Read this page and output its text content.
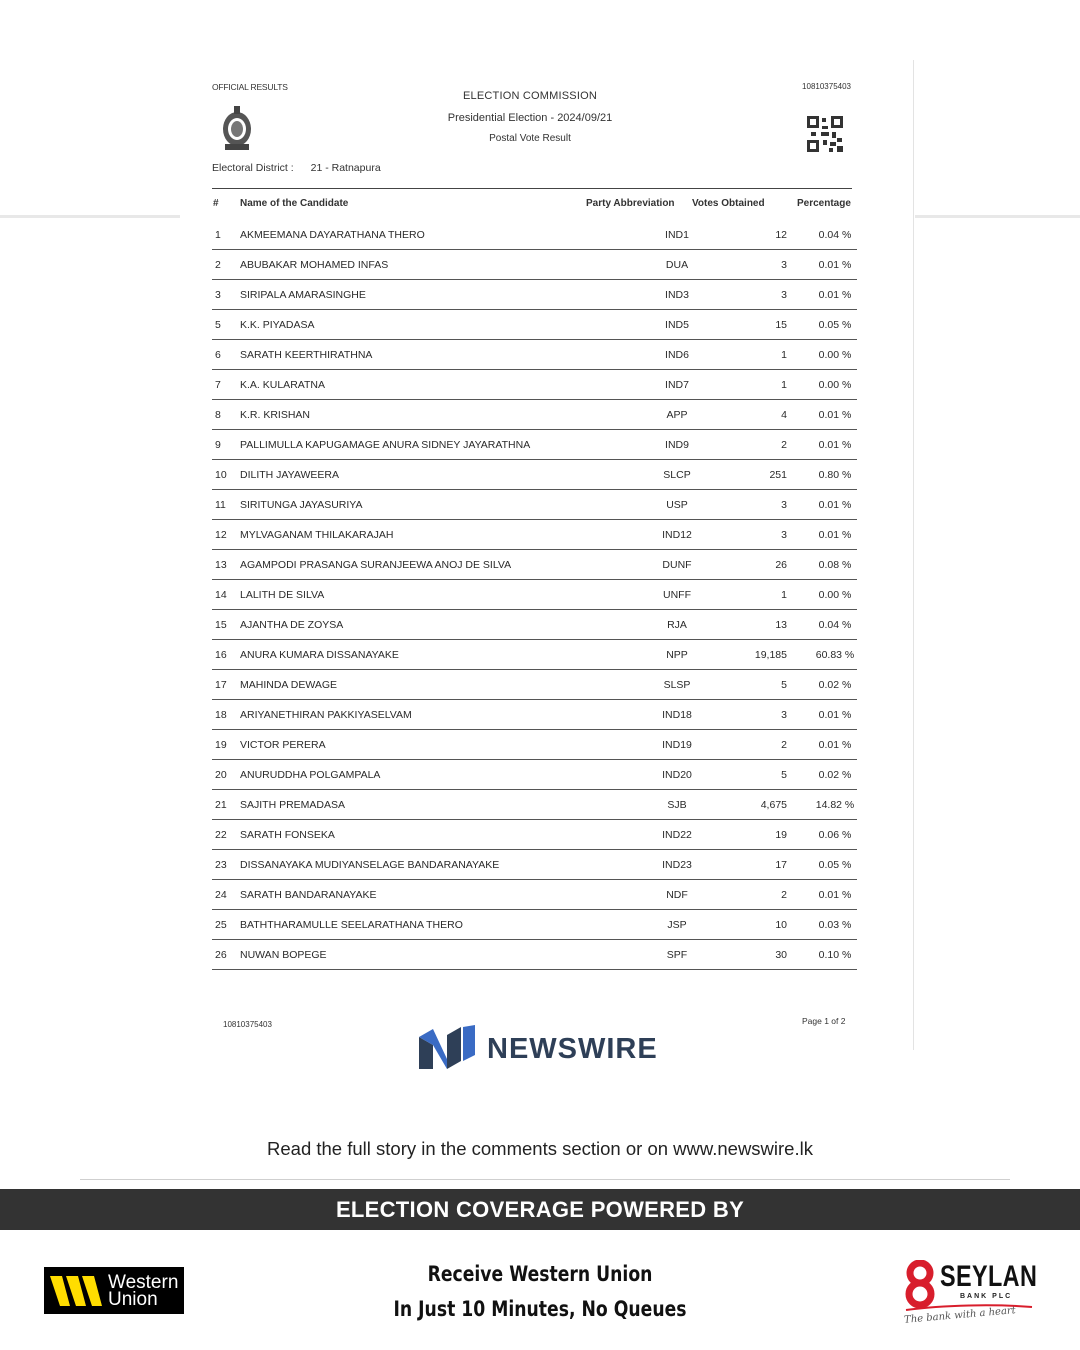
OFFICIAL RESULTS	10810375403
ELECTION COMMISSION
Presidential Election - 2024/09/21
Postal Vote Result
Electoral District : 21 - Ratnapura
# Name of the Candidate	Party Abbreviation Votes Obtained	Percentage
1 AKMEEMANA DAYARATHANA THERO	IND1	12	0.04 %
2 ABUBAKAR MOHAMED INFAS	DUA	3	0.01 %
3 SIRIPALA AMARASINGHE	IND3	3	0.01 %
5 K.K. PIYADASA	IND5	15	0.05 %
6 SARATH KEERTHIRATHNA	IND6	1	0.00 %
7 K.A. KULARATNA	IND7	1	0.00 %
8 K.R. KRISHAN	APP	4	0.01 %
9 PALLIMULLA KAPUGAMAGE ANURA SIDNEY JAYARATHNA	IND9	2	0.01 %
10 DILITH JAYAWEERA	SLCP	251	0.80 %
11 SIRITUNGA JAYASURIYA	USP	3	0.01 %
12 MYLVAGANAM THILAKARAJAH	IND12	3	0.01 %
13 AGAMPODI PRASANGA SURANJEEWA ANOJ DE SILVA	DUNF	26	0.08 %
14 LALITH DE SILVA	UNFF	1	0.00 %
15 AJANTHA DE ZOYSA	RJA	13	0.04 %
16 ANURA KUMARA DISSANAYAKE	NPP	19,185	60.83 %
17 MAHINDA DEWAGE	SLSP	5	0.02 %
18 ARIYANETHIRAN PAKKIYASELVAM	IND18	3	0.01 %
19 VICTOR PERERA	IND19	2	0.01 %
20 ANURUDDHA POLGAMPALA	IND20	5	0.02 %
21 SAJITH PREMADASA	SJB	4,675	14.82 %
22 SARATH FONSEKA	IND22	19	0.06 %
23 DISSANAYAKA MUDIYANSELAGE BANDARANAYAKE	IND23	17	0.05 %
24 SARATH BANDARANAYAKE	NDF	2	0.01 %
25 BATHTHARAMULLE SEELARATHANA THERO	JSP	10	0.03 %
26 NUWAN BOPEGE	SPF	30	0.10 %
10810375403	Page 1 of 2
NEWSWIRE
Read the full story in the comments section or on www.newswire.lk
ELECTION COVERAGE POWERED BY
Western
Union
Receive Western Union
In Just 10 Minutes, No Queues
SEYLAN
BANK PLC
The bank with a heart
